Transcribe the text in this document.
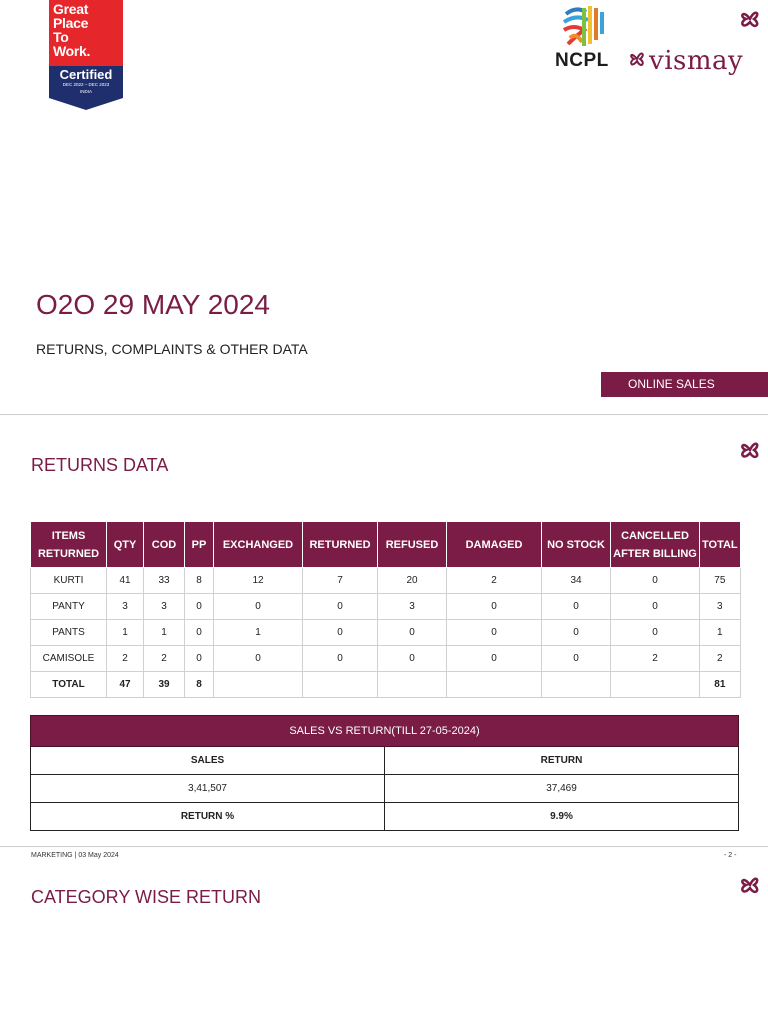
Great
Place
To
Work.
Certified
DEC 2022 – DEC 2023
INDIA
NCPL	vismay
O2O 29 MAY 2024
RETURNS, COMPLAINTS & OTHER DATA
ONLINE SALES
RETURNS DATA
ITEMS RETURNED	QTY	COD	PP	EXCHANGED	RETURNED	REFUSED	DAMAGED	NO STOCK	CANCELLED AFTER BILLING	TOTAL
KURTI	41	33	8	12	7	20	2	34	0	75
PANTY	3	3	0	0	0	3	0	0	0	3
PANTS	1	1	0	1	0	0	0	0	0	1
CAMISOLE	2	2	0	0	0	0	0	0	2	2
TOTAL	47	39	8							81
SALES VS RETURN(TILL 27-05-2024)	
SALES	RETURN
3,41,507	37,469
RETURN %	9.9%
MARKETING | 03 May 2024	- 2 -
CATEGORY WISE RETURN
